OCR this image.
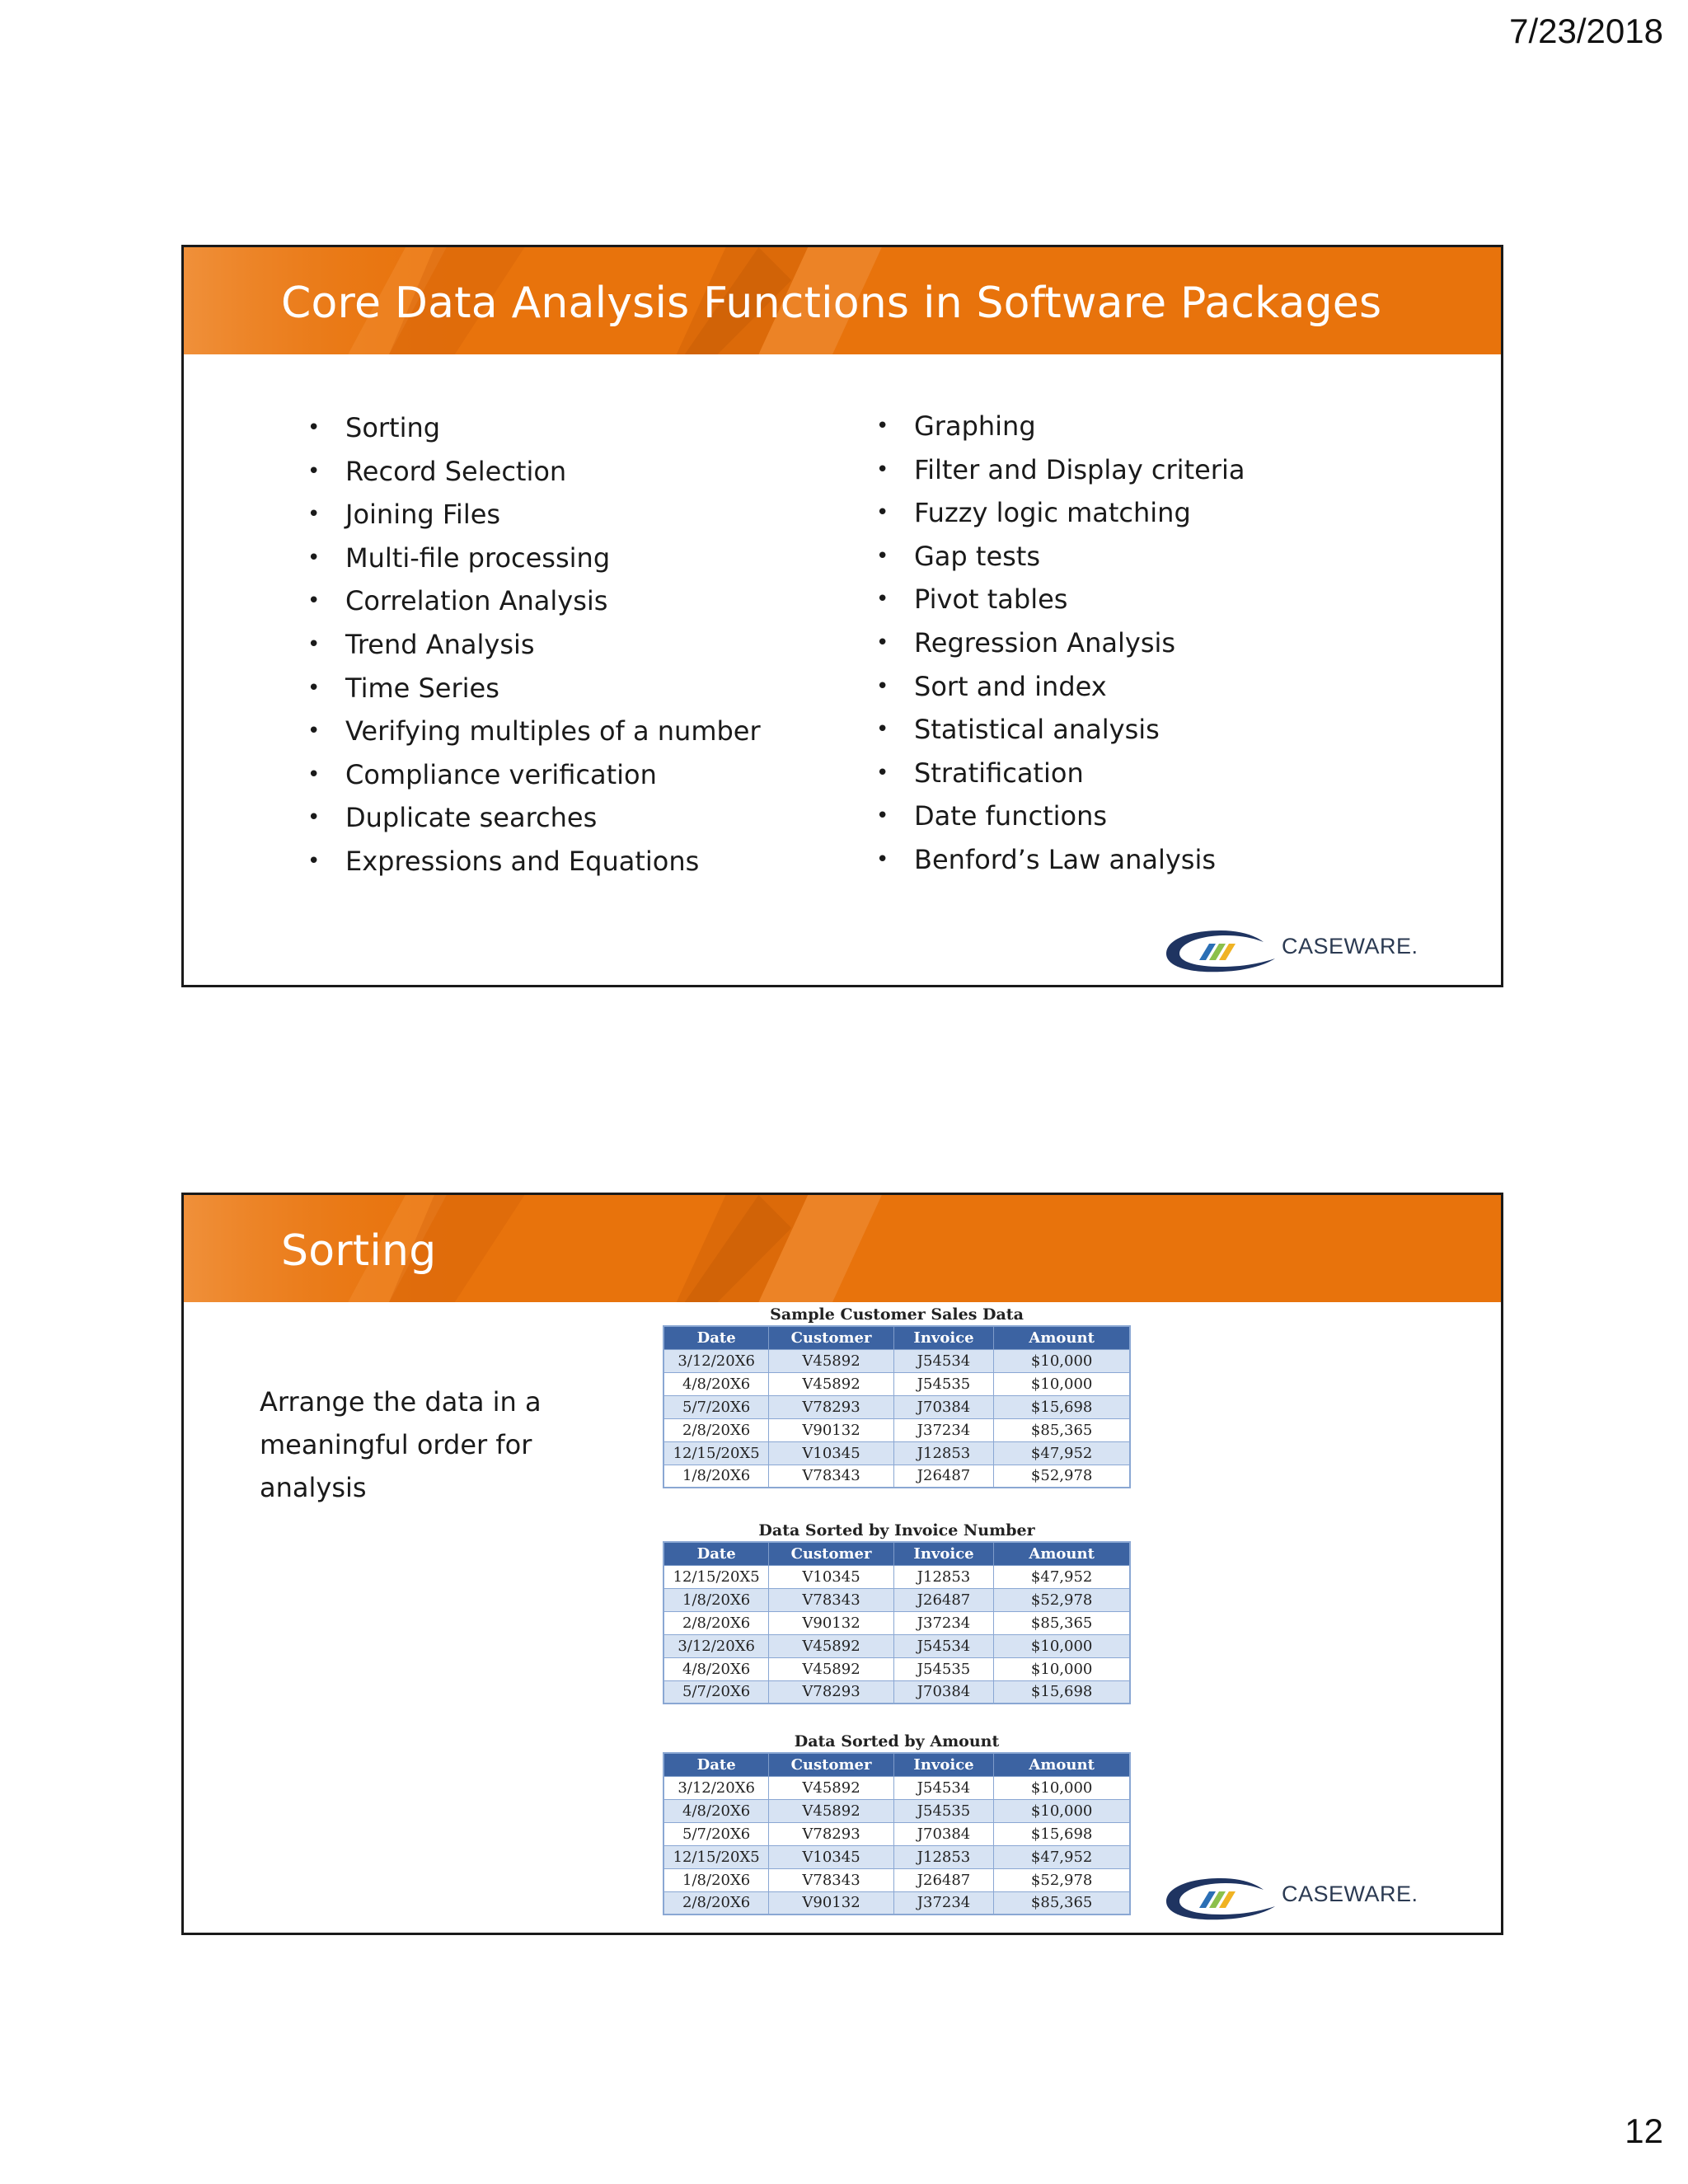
7/23/2018
Core Data Analysis Functions in Software Packages
• Sorting
• Record Selection
• Joining Files
• Multi-file processing
• Correlation Analysis
• Trend Analysis
• Time Series
• Verifying multiples of a number
• Compliance verification
• Duplicate searches
• Expressions and Equations
• Graphing
• Filter and Display criteria
• Fuzzy logic matching
• Gap tests
• Pivot tables
• Regression Analysis
• Sort and index
• Statistical analysis
• Stratification
• Date functions
• Benford’s Law analysis
CASEWARE.
Sorting
Arrange the data in a
meaningful order for analysis
Sample Customer Sales Data
Date	Customer	Invoice	Amount
3/12/20X6	V45892	J54534	$10,000
4/8/20X6	V45892	J54535	$10,000
5/7/20X6	V78293	J70384	$15,698
2/8/20X6	V90132	J37234	$85,365
12/15/20X5	V10345	J12853	$47,952
1/8/20X6	V78343	J26487	$52,978
Data Sorted by Invoice Number
Date	Customer	Invoice	Amount
12/15/20X5	V10345	J12853	$47,952
1/8/20X6	V78343	J26487	$52,978
2/8/20X6	V90132	J37234	$85,365
3/12/20X6	V45892	J54534	$10,000
4/8/20X6	V45892	J54535	$10,000
5/7/20X6	V78293	J70384	$15,698
Data Sorted by Amount
Date	Customer	Invoice	Amount
3/12/20X6	V45892	J54534	$10,000
4/8/20X6	V45892	J54535	$10,000
5/7/20X6	V78293	J70384	$15,698
12/15/20X5	V10345	J12853	$47,952
1/8/20X6	V78343	J26487	$52,978
2/8/20X6	V90132	J37234	$85,365	CASEWARE.
12
